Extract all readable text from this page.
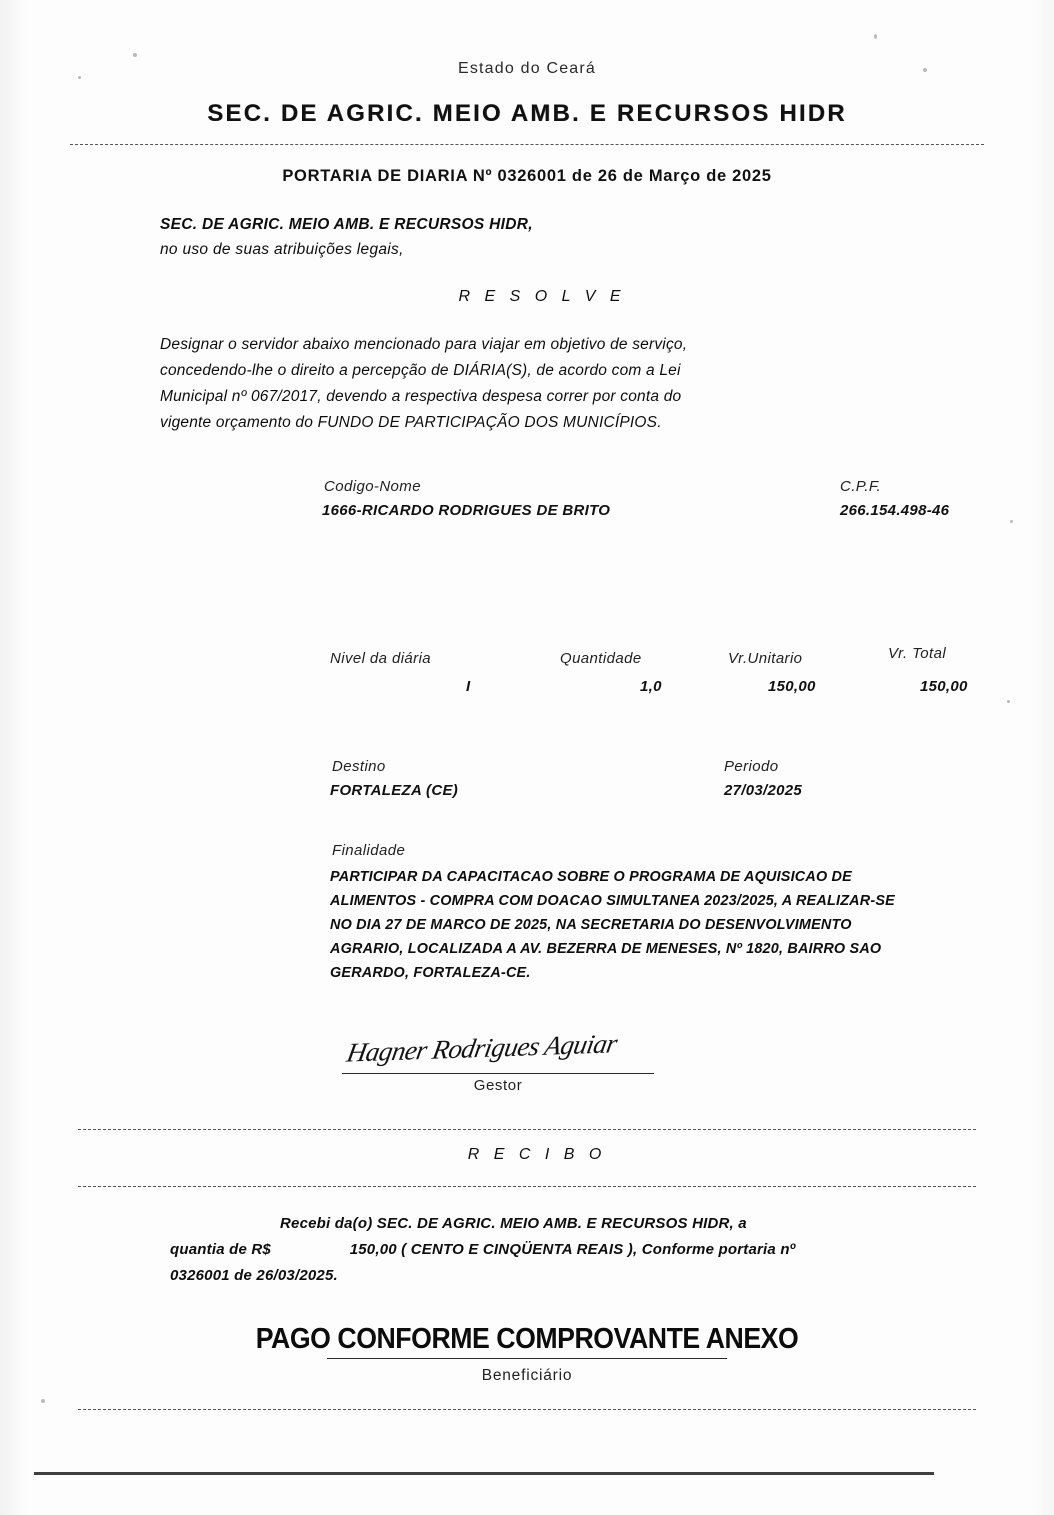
Estado do Ceará
SEC. DE AGRIC. MEIO AMB. E RECURSOS HIDR
PORTARIA DE DIARIA Nº 0326001 de 26 de Março de 2025
SEC. DE AGRIC. MEIO AMB. E RECURSOS HIDR,
no uso de suas atribuições legais,
R E S O L V E
Designar o servidor abaixo mencionado para viajar em objetivo de serviço,
concedendo-lhe o direito a percepção de DIÁRIA(S), de acordo com a Lei
Municipal nº 067/2017, devendo a respectiva despesa correr por conta do
vigente orçamento do FUNDO DE PARTICIPAÇÃO DOS MUNICÍPIOS.
Codigo-Nome
1666-RICARDO RODRIGUES DE BRITO
C.P.F.
266.154.498-46
Nivel da diária	Quantidade	Vr.Unitario	Vr. Total
I	1,0	150,00	150,00
Destino
FORTALEZA (CE)
Periodo
27/03/2025
Finalidade
PARTICIPAR DA CAPACITACAO SOBRE O PROGRAMA DE AQUISICAO DE
ALIMENTOS - COMPRA COM DOACAO SIMULTANEA 2023/2025, A REALIZAR-SE
NO DIA 27 DE MARCO DE 2025, NA SECRETARIA DO DESENVOLVIMENTO
AGRARIO, LOCALIZADA A AV. BEZERRA DE MENESES, Nº 1820, BAIRRO SAO
GERARDO, FORTALEZA-CE.
Hagner Rodrigues Aguiar
Gestor
R E C I B O
Recebi da(o) SEC. DE AGRIC. MEIO AMB. E RECURSOS HIDR, a
quantia de R$	150,00 ( CENTO E CINQÜENTA REAIS ), Conforme portaria nº
0326001 de 26/03/2025.
PAGO CONFORME COMPROVANTE ANEXO
Beneficiário
